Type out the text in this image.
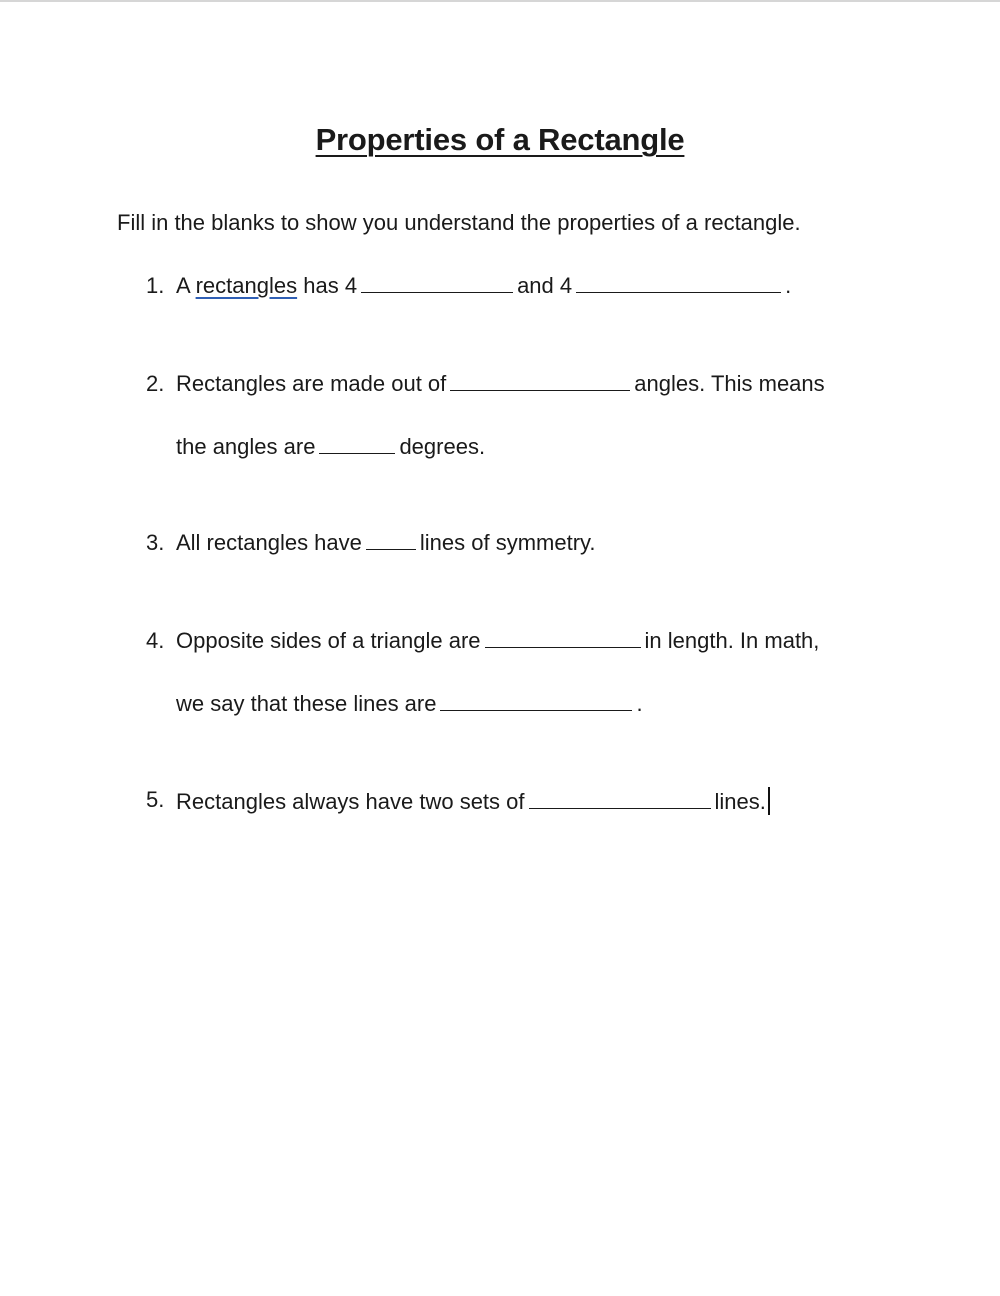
Properties of a Rectangle
Fill in the blanks to show you understand the properties of a rectangle.
1. A rectangles has 4	and 4	.
2. Rectangles are made out of	angles. This means
the angles are	degrees.
3. All rectangles have	lines of symmetry.
4. Opposite sides of a triangle are	in length. In math,
we say that these lines are	.
5. Rectangles always have two sets of	lines.
